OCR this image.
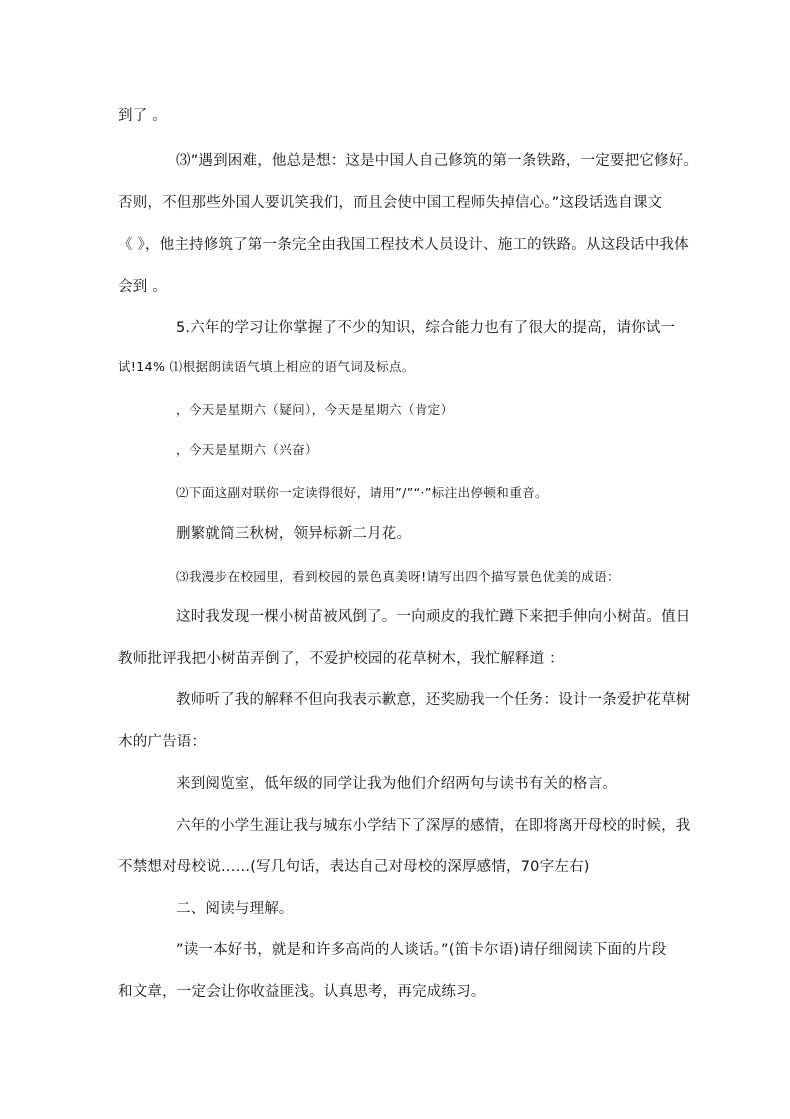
到了 。
⑶”遇到困难，他总是想：这是中国人自己修筑的第一条铁路，一定要把它修好。
否则，不但那些外国人要讥笑我们，而且会使中国工程师失掉信心。”这段话选自课文
《 》，他主持修筑了第一条完全由我国工程技术人员设计、施工的铁路。从这段话中我体
会到 。
5.六年的学习让你掌握了不少的知识，综合能力也有了很大的提高，请你试一
试!14% ⑴根据朗读语气填上相应的语气词及标点。
，今天是星期六（疑问），今天是星期六（肯定）
，今天是星期六（兴奋）
⑵下面这副对联你一定读得很好，请用”/”“·”标注出停顿和重音。
删繁就简三秋树，领异标新二月花。
⑶我漫步在校园里，看到校园的景色真美呀!请写出四个描写景色优美的成语：
这时我发现一棵小树苗被风倒了。一向顽皮的我忙蹲下来把手伸向小树苗。值日
教师批评我把小树苗弄倒了，不爱护校园的花草树木，我忙解释道 ：
教师听了我的解释不但向我表示歉意，还奖励我一个任务：设计一条爱护花草树
木的广告语：
来到阅览室，低年级的同学让我为他们介绍两句与读书有关的格言。
六年的小学生涯让我与城东小学结下了深厚的感情，在即将离开母校的时候，我
不禁想对母校说……(写几句话，表达自己对母校的深厚感情，70字左右)
二、阅读与理解。
”读一本好书，就是和许多高尚的人谈话。”(笛卡尔语)请仔细阅读下面的片段
和文章，一定会让你收益匪浅。认真思考，再完成练习。
